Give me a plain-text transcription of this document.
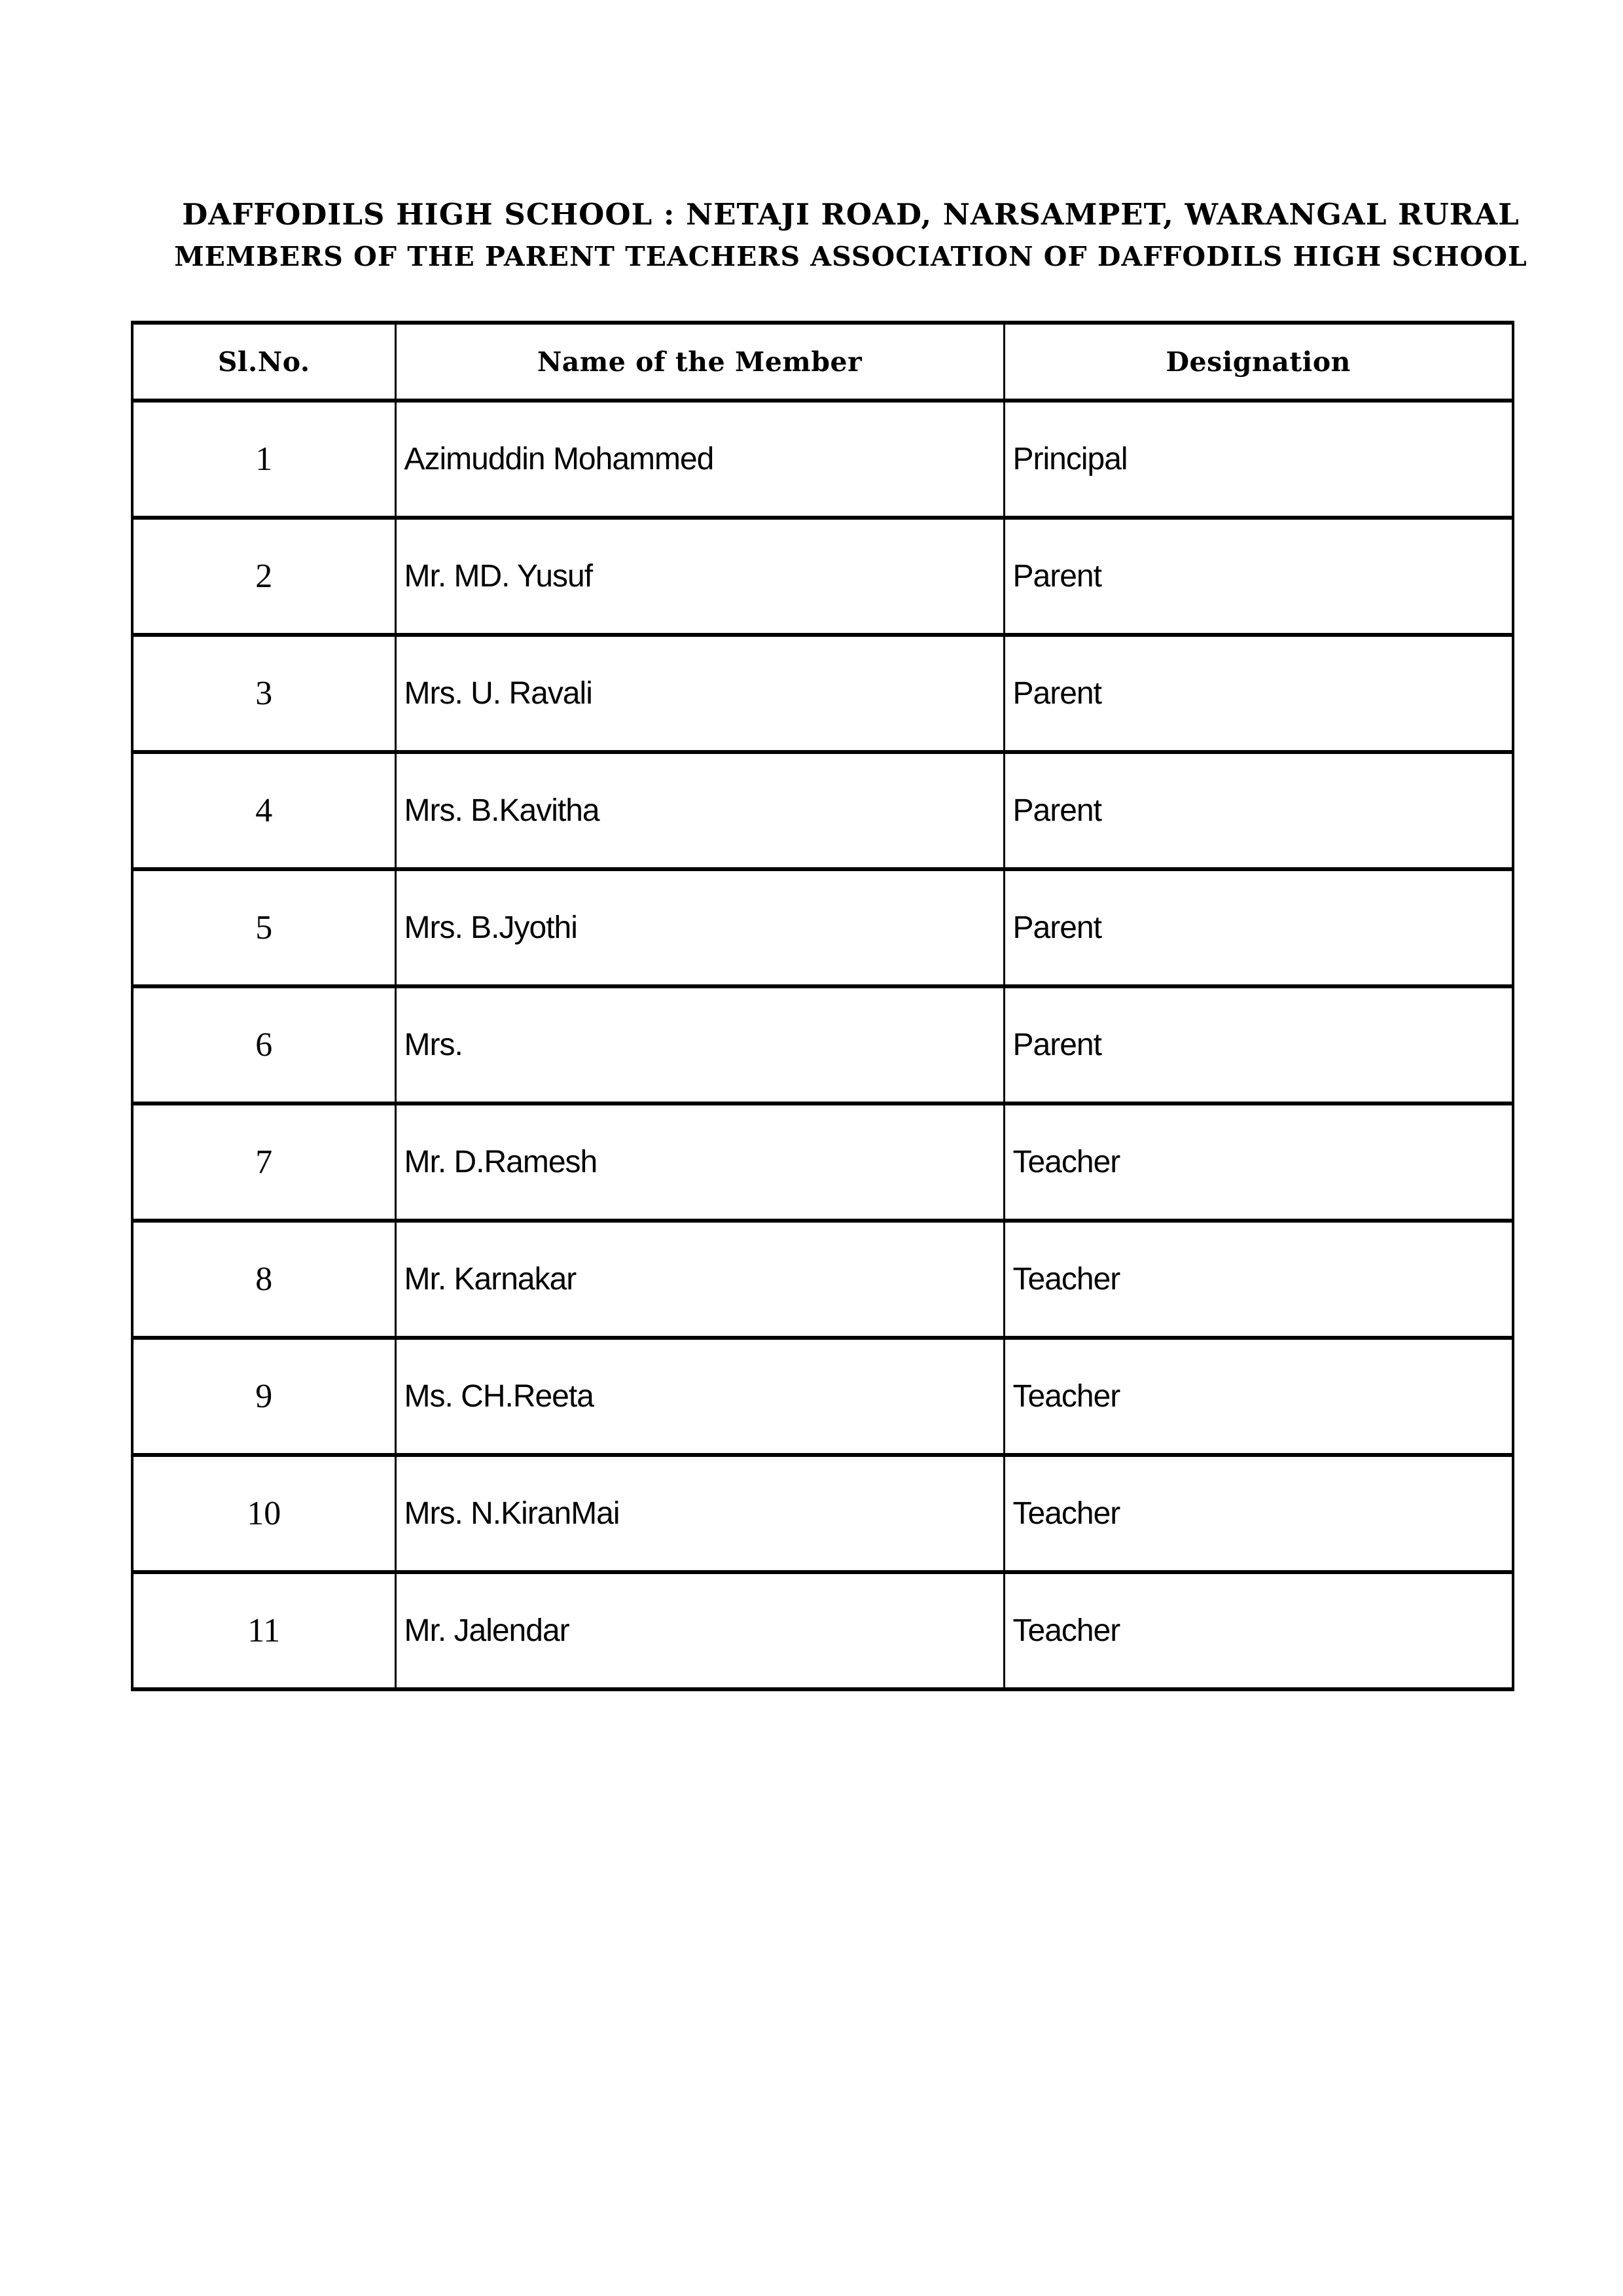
DAFFODILS HIGH SCHOOL : NETAJI ROAD, NARSAMPET, WARANGAL RURAL
MEMBERS OF THE PARENT TEACHERS ASSOCIATION OF DAFFODILS HIGH SCHOOL
Sl.No.	Name of the Member	Designation
1	Azimuddin Mohammed	Principal
2	Mr. MD. Yusuf	Parent
3	Mrs. U. Ravali	Parent
4	Mrs. B.Kavitha	Parent
5	Mrs. B.Jyothi	Parent
6	Mrs.	Parent
7	Mr. D.Ramesh	Teacher
8	Mr. Karnakar	Teacher
9	Ms. CH.Reeta	Teacher
10	Mrs. N.KiranMai	Teacher
11	Mr. Jalendar	Teacher
